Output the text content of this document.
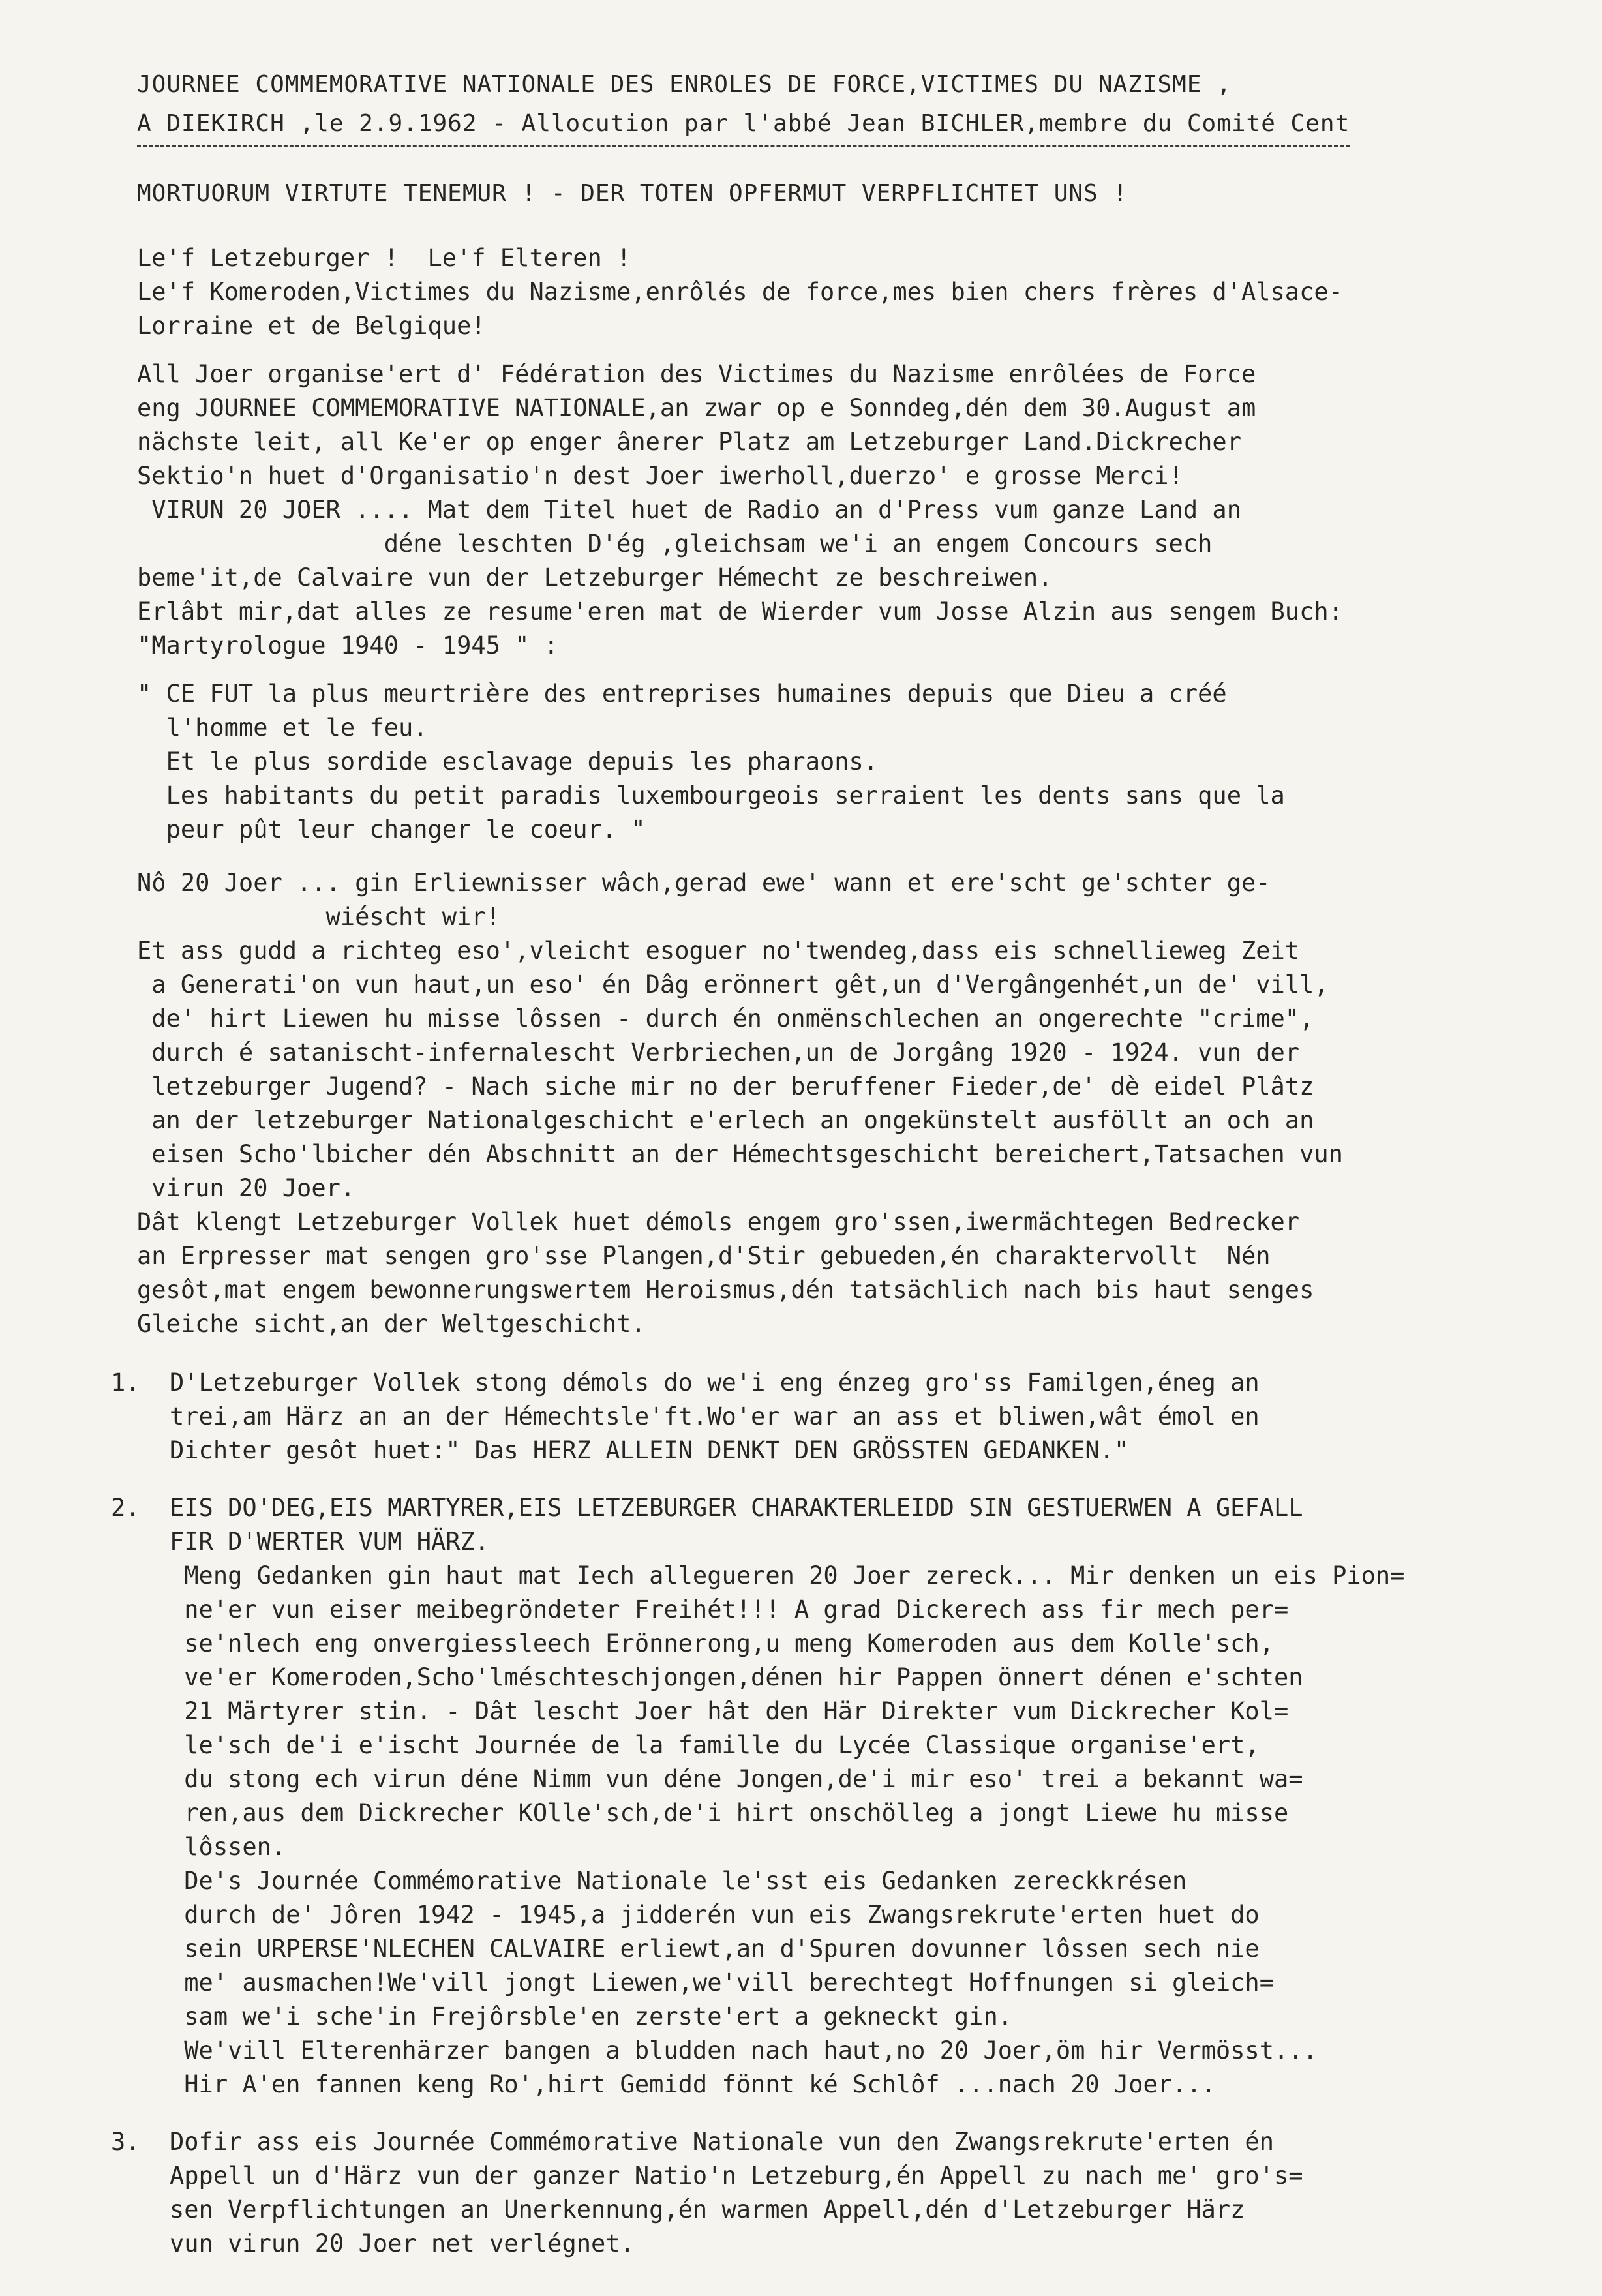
JOURNEE COMMEMORATIVE NATIONALE DES ENROLES DE FORCE,VICTIMES DU NAZISME ,
A DIEKIRCH ,le 2.9.1962 - Allocution par l'abbé Jean BICHLER,membre du Comité Cent
MORTUORUM VIRTUTE TENEMUR ! - DER TOTEN OPFERMUT VERPFLICHTET UNS !
Le'f Letzeburger !  Le'f Elteren !
Le'f Komeroden,Victimes du Nazisme,enrôlés de force,mes bien chers frères d'Alsace-
Lorraine et de Belgique!
All Joer organise'ert d' Fédération des Victimes du Nazisme enrôlées de Force
eng JOURNEE COMMEMORATIVE NATIONALE,an zwar op e Sonndeg,dén dem 30.August am
nächste leit, all Ke'er op enger ânerer Platz am Letzeburger Land.Dickrecher
Sektio'n huet d'Organisatio'n dest Joer iwerholl,duerzo' e grosse Merci!
VIRUN 20 JOER .... Mat dem Titel huet de Radio an d'Press vum ganze Land an
déne leschten D'ég ,gleichsam we'i an engem Concours sech
beme'it,de Calvaire vun der Letzeburger Hémecht ze beschreiwen.
Erlâbt mir,dat alles ze resume'eren mat de Wierder vum Josse Alzin aus sengem Buch:
"Martyrologue 1940 - 1945 " :
" CE FUT la plus meurtrière des entreprises humaines depuis que Dieu a créé
l'homme et le feu.
Et le plus sordide esclavage depuis les pharaons.
Les habitants du petit paradis luxembourgeois serraient les dents sans que la
peur pût leur changer le coeur. "
Nô 20 Joer ... gin Erliewnisser wâch,gerad ewe' wann et ere'scht ge'schter ge-
wiéscht wir!
Et ass gudd a richteg eso',vleicht esoguer no'twendeg,dass eis schnellieweg Zeit
a Generati'on vun haut,un eso' én Dâg erönnert gêt,un d'Vergângenhét,un de' vill,
de' hirt Liewen hu misse lôssen - durch én onmënschlechen an ongerechte "crime",
durch é satanischt-infernalescht Verbriechen,un de Jorgâng 1920 - 1924. vun der
letzeburger Jugend? - Nach siche mir no der beruffener Fieder,de' dè eidel Plâtz
an der letzeburger Nationalgeschicht e'erlech an ongekünstelt ausföllt an och an
eisen Scho'lbicher dén Abschnitt an der Hémechtsgeschicht bereichert,Tatsachen vun
virun 20 Joer.
Dât klengt Letzeburger Vollek huet démols engem gro'ssen,iwermächtegen Bedrecker
an Erpresser mat sengen gro'sse Plangen,d'Stir gebueden,én charaktervollt  Nén
gesôt,mat engem bewonnerungswertem Heroismus,dén tatsächlich nach bis haut senges
Gleiche sicht,an der Weltgeschicht.
1.	D'Letzeburger Vollek stong démols do we'i eng énzeg gro'ss Familgen,éneg an
trei,am Härz an an der Hémechtsle'ft.Wo'er war an ass et bliwen,wât émol en
Dichter gesôt huet:" Das HERZ ALLEIN DENKT DEN GRÖSSTEN GEDANKEN."
2.	EIS DO'DEG,EIS MARTYRER,EIS LETZEBURGER CHARAKTERLEIDD SIN GESTUERWEN A GEFALL
FIR D'WERTER VUM HÄRZ.
Meng Gedanken gin haut mat Iech allegueren 20 Joer zereck... Mir denken un eis Pion=
ne'er vun eiser meibegröndeter Freihét!!! A grad Dickerech ass fir mech per=
se'nlech eng onvergiessleech Erönnerong,u meng Komeroden aus dem Kolle'sch,
ve'er Komeroden,Scho'lméschteschjongen,dénen hir Pappen önnert dénen e'schten
21 Märtyrer stin. - Dât lescht Joer hât den Här Direkter vum Dickrecher Kol=
le'sch de'i e'ischt Journée de la famille du Lycée Classique organise'ert,
du stong ech virun déne Nimm vun déne Jongen,de'i mir eso' trei a bekannt wa=
ren,aus dem Dickrecher KOlle'sch,de'i hirt onschölleg a jongt Liewe hu misse
lôssen.
De's Journée Commémorative Nationale le'sst eis Gedanken zereckkrésen
durch de' Jôren 1942 - 1945,a jidderén vun eis Zwangsrekrute'erten huet do
sein URPERSE'NLECHEN CALVAIRE erliewt,an d'Spuren dovunner lôssen sech nie
me' ausmachen!We'vill jongt Liewen,we'vill berechtegt Hoffnungen si gleich=
sam we'i sche'in Frejôrsble'en zerste'ert a gekneckt gin.
We'vill Elterenhärzer bangen a bludden nach haut,no 20 Joer,öm hir Vermösst...
Hir A'en fannen keng Ro',hirt Gemidd fönnt ké Schlôf ...nach 20 Joer...
3.	Dofir ass eis Journée Commémorative Nationale vun den Zwangsrekrute'erten én
Appell un d'Härz vun der ganzer Natio'n Letzeburg,én Appell zu nach me' gro's=
sen Verpflichtungen an Unerkennung,én warmen Appell,dén d'Letzeburger Härz
vun virun 20 Joer net verlégnet.
